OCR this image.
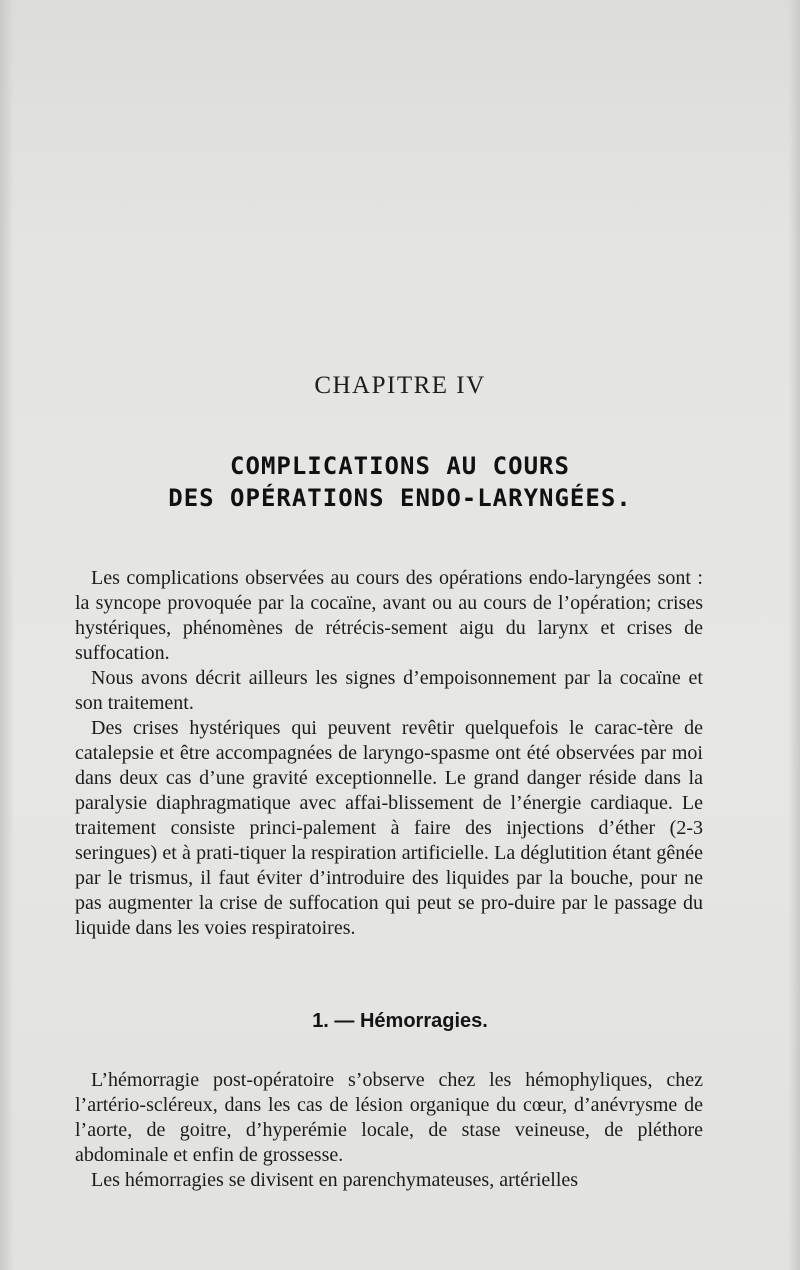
CHAPITRE IV
COMPLICATIONS AU COURS
DES OPÉRATIONS ENDO-LARYNGÉES.

Les complications observées au cours des opérations endo-laryngées sont : la syncope provoquée par la cocaïne, avant ou au cours de l’opération; crises hystériques, phénomènes de rétrécis-sement aigu du larynx et crises de suffocation.

Nous avons décrit ailleurs les signes d’empoisonnement par la cocaïne et son traitement.

Des crises hystériques qui peuvent revêtir quelquefois le carac-tère de catalepsie et être accompagnées de laryngo-spasme ont été observées par moi dans deux cas d’une gravité exceptionnelle. Le grand danger réside dans la paralysie diaphragmatique avec affai-blissement de l’énergie cardiaque. Le traitement consiste princi-palement à faire des injections d’éther (2-3 seringues) et à prati-tiquer la respiration artificielle. La déglutition étant gênée par le trismus, il faut éviter d’introduire des liquides par la bouche, pour ne pas augmenter la crise de suffocation qui peut se pro-duire par le passage du liquide dans les voies respiratoires.

1. — Hémorragies.

L’hémorragie post-opératoire s’observe chez les hémophyliques, chez l’artério-scléreux, dans les cas de lésion organique du cœur, d’anévrysme de l’aorte, de goitre, d’hyperémie locale, de stase veineuse, de pléthore abdominale et enfin de grossesse.

Les hémorragies se divisent en parenchymateuses, artérielles
